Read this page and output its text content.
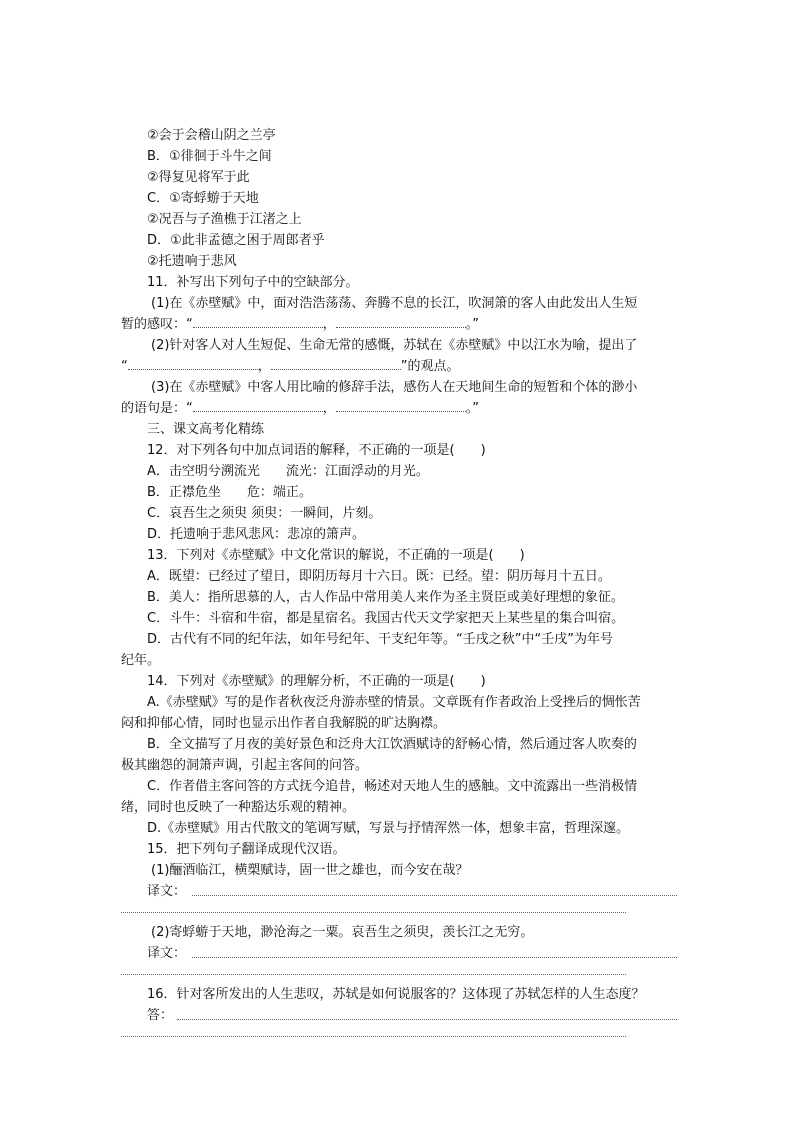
②会于会稽山阴之兰亭
B．①徘徊于斗牛之间
②得复见将军于此
C．①寄蜉蝣于天地
②况吾与子渔樵于江渚之上
D．①此非孟德之困于周郎者乎
②托遗响于悲风
11．补写出下列句子中的空缺部分。
(1)在《赤壁赋》中，面对浩浩荡荡、奔腾不息的长江，吹洞箫的客人由此发出人生短
暂的感叹：“	，	。”
(2)针对客人对人生短促、生命无常的感慨，苏轼在《赤壁赋》中以江水为喻，提出了
“	，	”的观点。
(3)在《赤壁赋》中客人用比喻的修辞手法，感伤人在天地间生命的短暂和个体的渺小
的语句是：“	，	。”
三、课文高考化精练
12．对下列各句中加点词语的解释，不正确的一项是(　　)
A．击空明兮溯流光　　流光：江面浮动的月光。
B．正襟危坐　　危：端正。
C．哀吾生之须臾 须臾：一瞬间，片刻。
D．托遗响于悲风悲风：悲凉的箫声。
13．下列对《赤壁赋》中文化常识的解说，不正确的一项是(　　)
A．既望：已经过了望日，即阴历每月十六日。既：已经。望：阴历每月十五日。
B．美人：指所思慕的人，古人作品中常用美人来作为圣主贤臣或美好理想的象征。
C．斗牛：斗宿和牛宿，都是星宿名。我国古代天文学家把天上某些星的集合叫宿。
D．古代有不同的纪年法，如年号纪年、干支纪年等。“壬戌之秋”中“壬戌”为年号
纪年。
14．下列对《赤壁赋》的理解分析，不正确的一项是(　　)
A.《赤壁赋》写的是作者秋夜泛舟游赤壁的情景。文章既有作者政治上受挫后的惆怅苦
闷和抑郁心情，同时也显示出作者自我解脱的旷达胸襟。
B．全文描写了月夜的美好景色和泛舟大江饮酒赋诗的舒畅心情，然后通过客人吹奏的
极其幽怨的洞箫声调，引起主客间的问答。
C．作者借主客问答的方式抚今追昔，畅述对天地人生的感触。文中流露出一些消极情
绪，同时也反映了一种豁达乐观的精神。
D.《赤壁赋》用古代散文的笔调写赋，写景与抒情浑然一体，想象丰富，哲理深邃。
15．把下列句子翻译成现代汉语。
(1)酾酒临江，横槊赋诗，固一世之雄也，而今安在哉？
译文：
(2)寄蜉蝣于天地，渺沧海之一粟。哀吾生之须臾，羡长江之无穷。
译文：
16．针对客所发出的人生悲叹，苏轼是如何说服客的？这体现了苏轼怎样的人生态度？
答：
